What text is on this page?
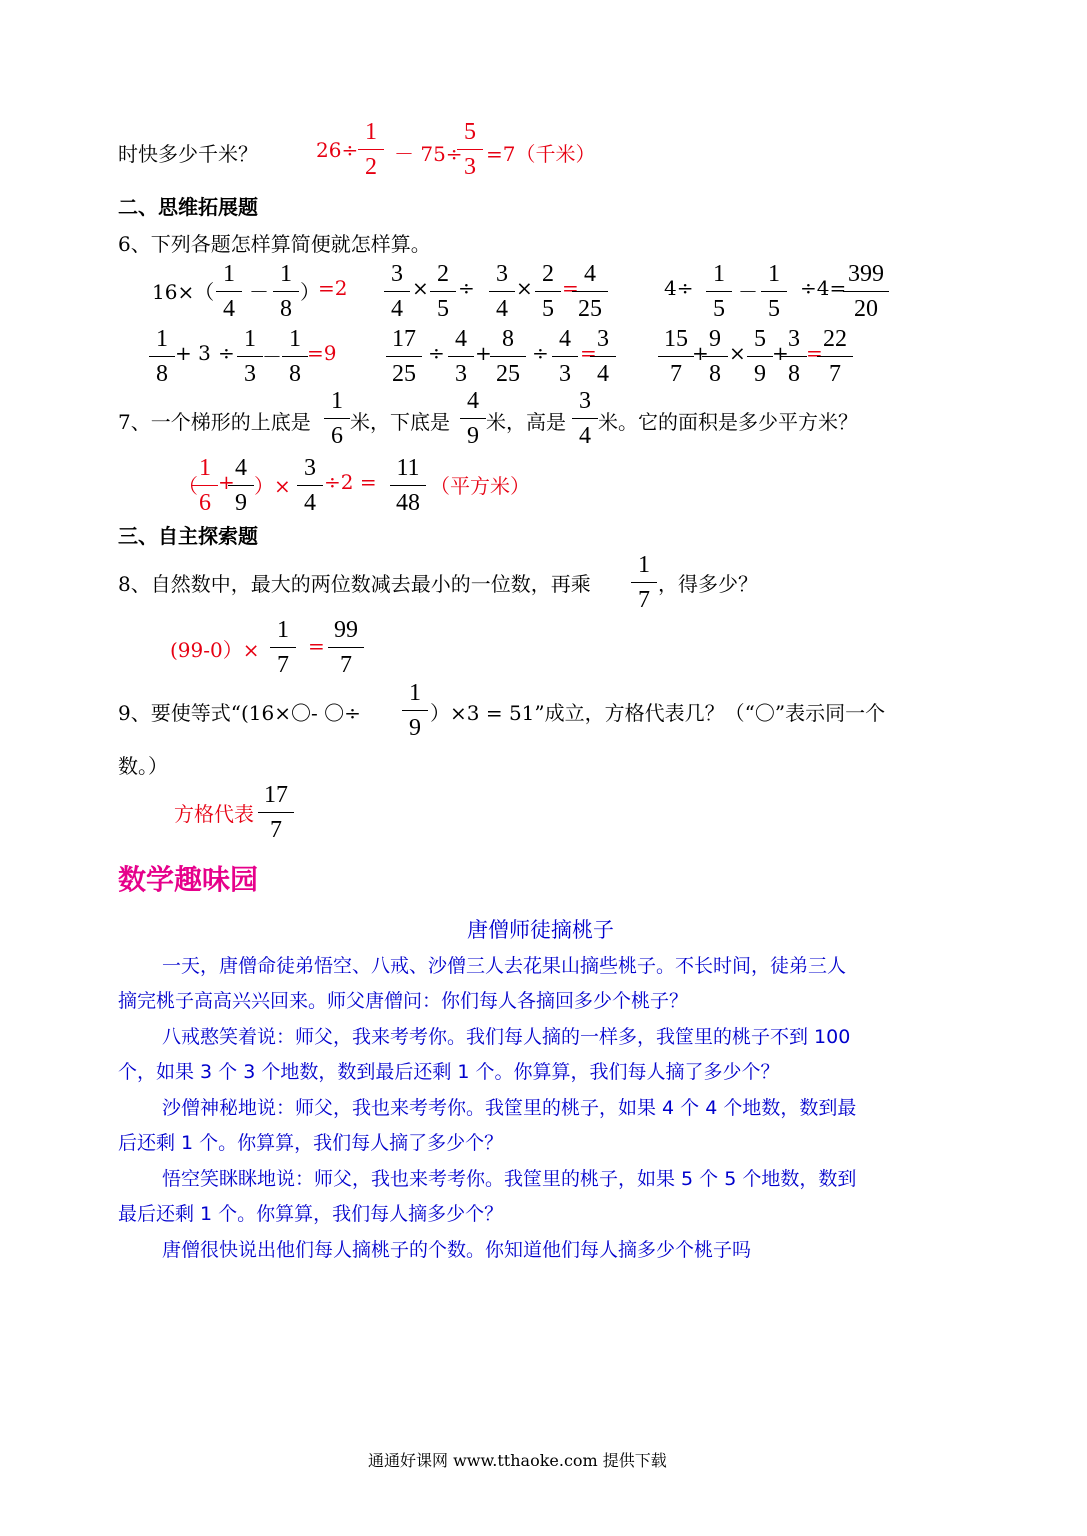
时快多少千米？	26÷
1
2 － 75÷
5
3 =7（千米）
二、思维拓展题
6、下列各题怎样算简便就怎样算。
16×（
1
4
－
1
8
）
=2
3
4
×
2
5
÷
3
4
×
2
5
=
4
25
4÷
1
5
－
1
5
÷4=
399
20
1
8
+ 3 ÷
1
3
－
1
8
=9
17
25
÷
4
3
+
8
25
÷
4
3
=
3
4
15
7
+
9
8
×
5
9
+
3
8
=
22
7
7、一个梯形的上底是
1
6
米，下底是
4
9
米，高是
3
4
米。它的面积是多少平方米？
（
1
6
+
4
9
）×
3
4
÷2 =
11
48
（平方米）
三、自主探索题
8、自然数中，最大的两位数减去最小的一位数，再乘
1
7
，得多少？
(99-0）×
1
7
=
99
7
9、要使等式“(16×〇- 〇÷
1
9
）×3 = 51”成立，方格代表几？（“〇”表示同一个
数。）
方格代表
17
7
数学趣味园
唐僧师徒摘桃子
一天，唐僧命徒弟悟空、八戒、沙僧三人去花果山摘些桃子。不长时间，徒弟三人
摘完桃子高高兴兴回来。师父唐僧问：你们每人各摘回多少个桃子？
八戒憨笑着说：师父，我来考考你。我们每人摘的一样多，我筐里的桃子不到 100
个，如果 3 个 3 个地数，数到最后还剩 1 个。你算算，我们每人摘了多少个？
沙僧神秘地说：师父，我也来考考你。我筐里的桃子，如果 4 个 4 个地数，数到最
后还剩 1 个。你算算，我们每人摘了多少个？
悟空笑眯眯地说：师父，我也来考考你。我筐里的桃子，如果 5 个 5 个地数，数到
最后还剩 1 个。你算算，我们每人摘多少个？
唐僧很快说出他们每人摘桃子的个数。你知道他们每人摘多少个桃子吗
通通好课网 www.tthaoke.com 提供下载
